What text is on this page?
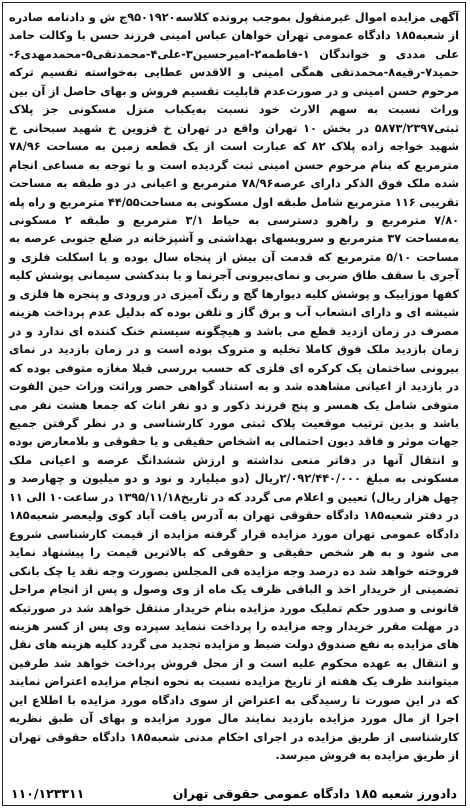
آگهی مزایده اموال غیرمنقول بموجب پرونده کلاسه۹۵۰۱۹۲۰ج ش و دادنامه صادره از شعبه۱۸۵ دادگاه عمومی تهران خواهان عباس امینی فرزند حسن با وکالت حامد علی مددی و خواندگان ۱-فاطمه۲-امیرحسین۳-علی۴-محمدتقی۵-محمدمهدی۶-حمید۷-رقیه۸-محمدتقی همگی امینی و الاقدس عطایی به‌خواسته تقسیم ترکه مرحوم حسن امینی و در صورت‌عدم قابلیت تقسیم فروش و بهای حاصل از آن بین وراث نسبت به سهم الارث خود نسبت به‌یکباب منزل مسکونی جز پلاک ثبتی۵۸۷۳/۲۳۹۷ در بخش ۱۰ تهران واقع در تهران خ قزوین خ شهید سبحانی خ شهید خواجه زاده پلاک ۸۲ که عبارت است از یک قطعه زمین به مساحت ۷۸/۹۶ مترمربع که بنام مرحوم حسن امینی ثبت گردیده است و با توجه به مساعی انجام شده ملک فوق الذکر دارای عرصه۷۸/۹۶ مترمربع و اعیانی در دو طبقه به مساحت تقریبی ۱۱۶ مترمربع شامل طبقه اول مسکونی به مساحت۴۴/۵۵ مترمربع و راه پله ۷/۸۰ مترمربع و راهرو دسترسی به حیاط ۳/۱ مترمربع و طبقه ۲ مسکونی به‌مساحت ۳۷ مترمربع و سرویسهای بهداشتی و آشپزخانه در ضلع جنوبی عرصه به مساحت ۵/۱۰ مترمربع که قدمت آن بیش از پنجاه سال بوده و با اسکلت فلزی و آجری با سقف طاق ضربی و نمای‌بیرونی آجرنما و با بندکشی سیمانی پوشش کلیه کفها موزاییک و پوشش کلیه دیوارها گچ و رنگ آمیزی در ورودی و پنجره ها فلزی و شیشه ای و دارای انشعاب آب و برق گاز و تلفن بوده که بدلیل عدم پرداخت هزینه مصرف در زمان ازدید قطع می باشد و هیچگونه سیستم خنک کننده ای ندارد و در زمان بازدید ملک فوق کاملا تخلیه و متروک بوده است و در زمان بازدید در نمای بیرونی ساختمان یک کرکره ای فلزی که حسب بررسی قبلا مغازه متوفی بوده که در بازدید از اعیانی مشاهده شد و به استناد گواهی حصر وراثت وراث حین الفوت متوفی شامل یک همسر و پنج فرزند ذکور و دو نفر اناث که جمعا هشت نفر می باشد و بدین ترتیب موقعیت پلاک ثبتی مورد کارشناسی و در نظر گرفتن جمیع جهات موثر و فاقد دیون احتمالی به اشخاص حقیقی و یا حقوقی و بلامعارض بوده و انتقال آنها در دفاتر منعی نداشته و ارزش ششدانگ عرصه و اعیانی ملک مسکونی به مبلغ ۲/۰۹۲/۴۴۰/۰۰۰ریال (دو میلیارد و نود و دو میلیون و چهارصد و چهل هزار ریال) تعیین و اعلام می گردد که در تاریخ۱۳۹۵/۱۱/۱۸ در ساعت۱۰ الی ۱۱ در دفتر شعبه۱۸۵ دادگاه حقوقی تهران به آدرس یافت آباد کوی ولیعصر شعبه۱۸۵ دادگاه عمومی تهران مورد مزایده قرار گرفته مزایده از قیمت کارشناسی شروع می شود و به هر شخص حقیقی و حقوقی که بالاترین قیمت را پیشنهاد نماید فروخته خواهد شد ده درصد وجه مزایده فی المجلس بصورت وجه نقد یا چک بانکی تضمینی از خریدار اخذ و الباقی ظرف یک ماه از وی وصول و پس از انجام مراحل قانونی و صدور حکم تملیک مورد مزایده بنام خریدار منتقل خواهد شد در صورتیکه در مهلت مقرر خریدار وجه مزایده را پرداخت ننماید سپرده وی پس از کسر هزینه های مزایده به نفع صندوق دولت ضبط و مزایده تجدید می گردد کلیه هزینه های نقل و انتقال به عهده محکوم علیه است و از محل فروش پرداخت خواهد شد طرفین میتوانند ظرف یک هفته از تاریخ مزایده نسبت به نحوه انجام مزایده اعتراض نمایند که در این صورت تا رسیدگی به اعتراض از سوی دادگاه مورد مزایده با اطلاع این اجرا از مال مورد مزایده بازدید نمایند مال مورد مزایده و بهای آن طبق نظریه کارشناسی از طریق مزایده در اجرای احکام مدنی شعبه۱۸۵ دادگاه حقوقی تهران از طریق مزایده به فروش میرسد.

دادورز شعبه ۱۸۵ دادگاه عمومی حقوقی تهران
۱۱۰/۱۲۳۳۱۱
